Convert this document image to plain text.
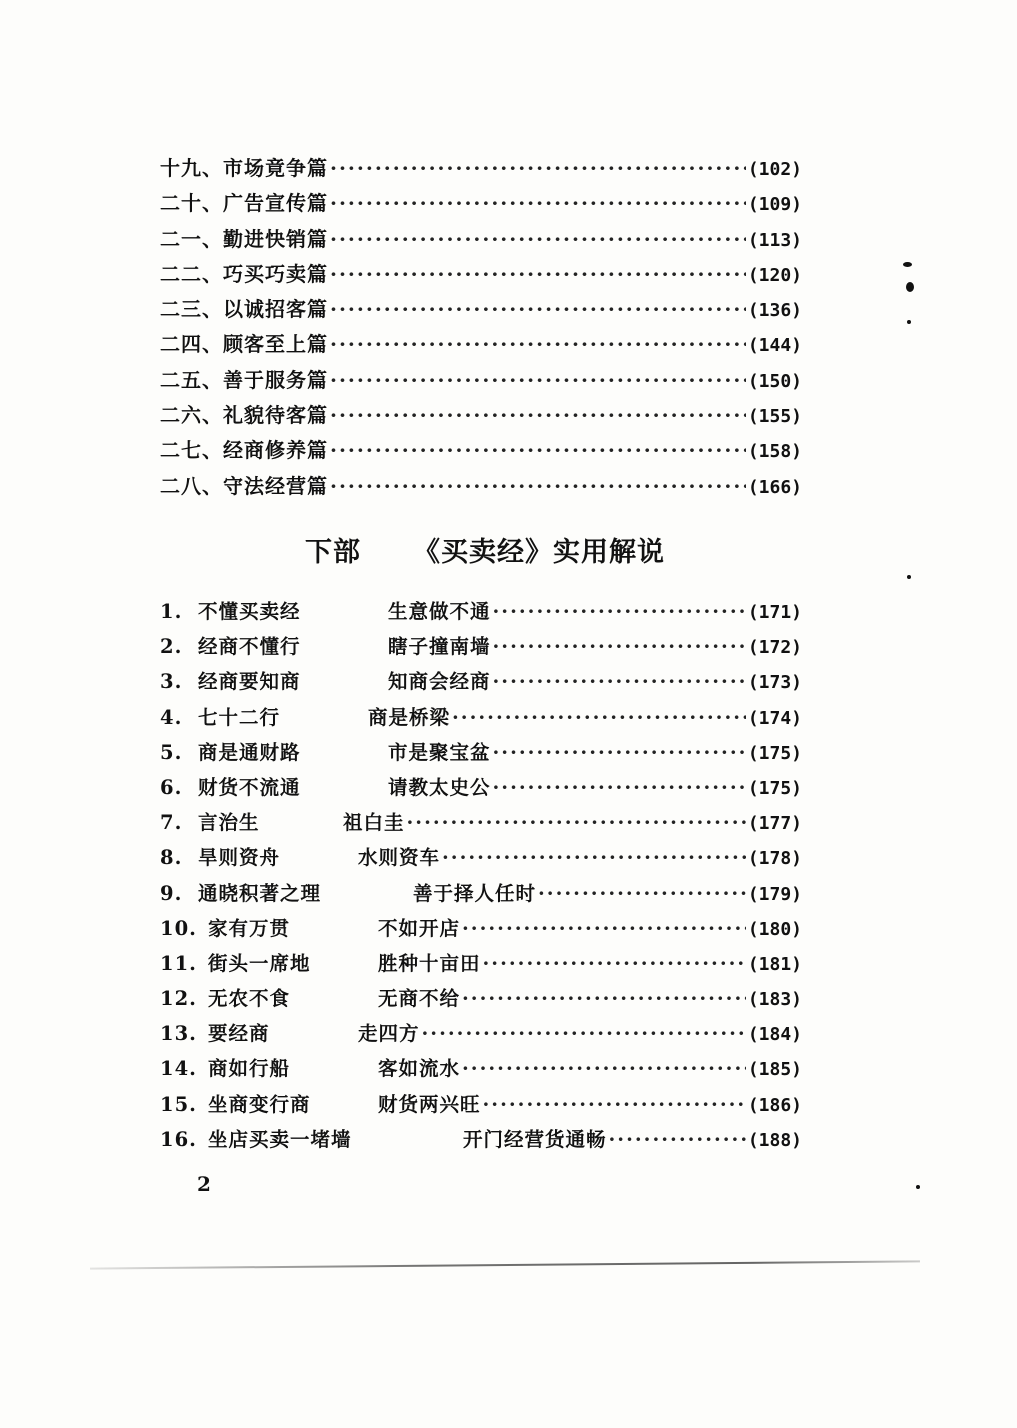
十九、市场竟争篇 ·····	(102)
二十、广告宣传篇 ·····	(109)
二一、勤进快销篇 ·····	(113)
二二、巧买巧卖篇 ·····	(120)
二三、以诚招客篇 ·····	(136)
二四、顾客至上篇 ·····	(144)
二五、善于服务篇 ·····	(150)
二六、礼貌待客篇 ·····	(155)
二七、经商修养篇 ·····	(158)
二八、守法经营篇 ·····	(166)
下部 《买卖经》实用解说
1. 不懂买卖经	生意做不通 ·····	(171)
2. 经商不懂行	瞎子撞南墙 ·····	(172)
3. 经商要知商	知商会经商 ·····	(173)
4. 七十二行	商是桥梁 ·····	(174)
5. 商是通财路	市是聚宝盆 ·····	(175)
6. 财货不流通	请教太史公 ·····	(175)
7. 言治生	祖白圭 ·····	(177)
8. 旱则资舟	水则资车 ·····	(178)
9. 通晓积著之理	善于择人任时 ·····	(179)
10. 家有万贯	不如开店 ·····	(180)
11. 街头一席地	胜种十亩田 ·····	(181)
12. 无农不食	无商不给 ·····	(183)
13. 要经商	走四方 ·····	(184)
14. 商如行船	客如流水 ·····	(185)
15. 坐商变行商	财货两兴旺 ·····	(186)
16. 坐店买卖一堵墙	开门经营货通畅 ·····	(188)
2
